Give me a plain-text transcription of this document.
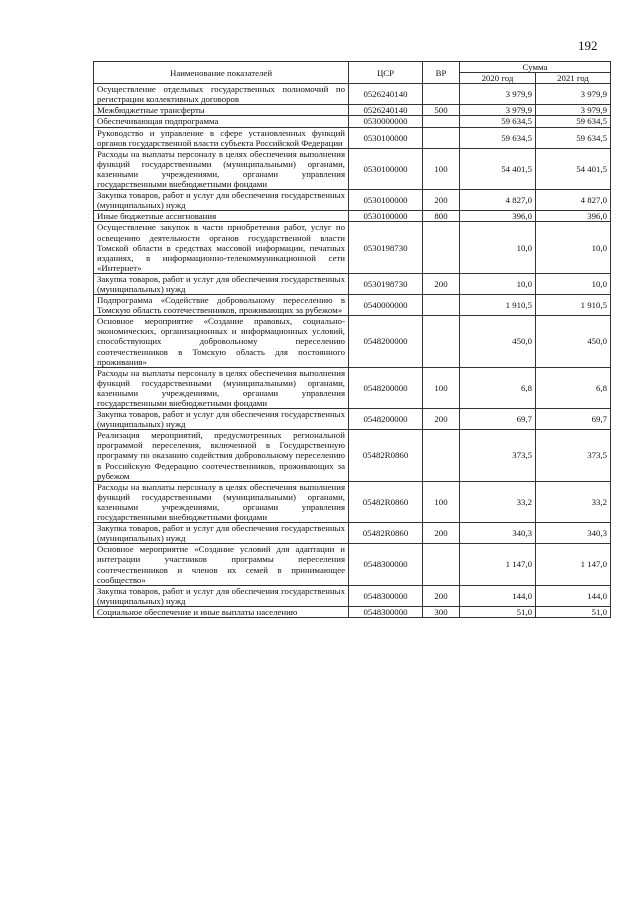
192
Наименование показателей	ЦСР	ВР	Сумма	
			2020 год	2021 год
Осуществление отдельных государственных полномочий по регистрации коллективных договоров	0526240140		3 979,9	3 979,9
Межбюджетные трансферты	0526240140	500	3 979,9	3 979,9
Обеспечивающая подпрограмма	0530000000		59 634,5	59 634,5
Руководство и управление в сфере установленных функций органов государственной власти субъекта Российской Федерации	0530100000		59 634,5	59 634,5
Расходы на выплаты персоналу в целях обеспечения выполнения функций государственными (муниципальными) органами, казенными учреждениями, органами управления государственными внебюджетными фондами	0530100000	100	54 401,5	54 401,5
Закупка товаров, работ и услуг для обеспечения государственных (муниципальных) нужд	0530100000	200	4 827,0	4 827,0
Иные бюджетные ассигнования	0530100000	800	396,0	396,0
Осуществление закупок в части приобретения работ, услуг по освещению деятельности органов государственной власти Томской области в средствах массовой информации, печатных изданиях, в информационно-телекоммуникационной сети «Интернет»	0530198730		10,0	10,0
Закупка товаров, работ и услуг для обеспечения государственных (муниципальных) нужд	0530198730	200	10,0	10,0
Подпрограмма «Содействие добровольному переселению в Томскую область соотечественников, проживающих за рубежом»	0540000000		1 910,5	1 910,5
Основное мероприятие «Создание правовых, социально-экономических, организационных и информационных условий, способствующих добровольному переселению соотечественников в Томскую область для постоянного проживания»	0548200000		450,0	450,0
Расходы на выплаты персоналу в целях обеспечения выполнения функций государственными (муниципальными) органами, казенными учреждениями, органами управления государственными внебюджетными фондами	0548200000	100	6,8	6,8
Закупка товаров, работ и услуг для обеспечения государственных (муниципальных) нужд	0548200000	200	69,7	69,7
Реализация мероприятий, предусмотренных региональной программой переселения, включенной в Государственную программу по оказанию содействия добровольному переселению в Российскую Федерацию соотечественников, проживающих за рубежом	05482R0860		373,5	373,5
Расходы на выплаты персоналу в целях обеспечения выполнения функций государственными (муниципальными) органами, казенными учреждениями, органами управления государственными внебюджетными фондами	05482R0860	100	33,2	33,2
Закупка товаров, работ и услуг для обеспечения государственных (муниципальных) нужд	05482R0860	200	340,3	340,3
Основное мероприятие «Создание условий для адаптации и интеграции участников программы переселения соотечественников и членов их семей в принимающее сообщество»	0548300000		1 147,0	1 147,0
Закупка товаров, работ и услуг для обеспечения государственных (муниципальных) нужд	0548300000	200	144,0	144,0
Социальное обеспечение и иные выплаты населению	0548300000	300	51,0	51,0
